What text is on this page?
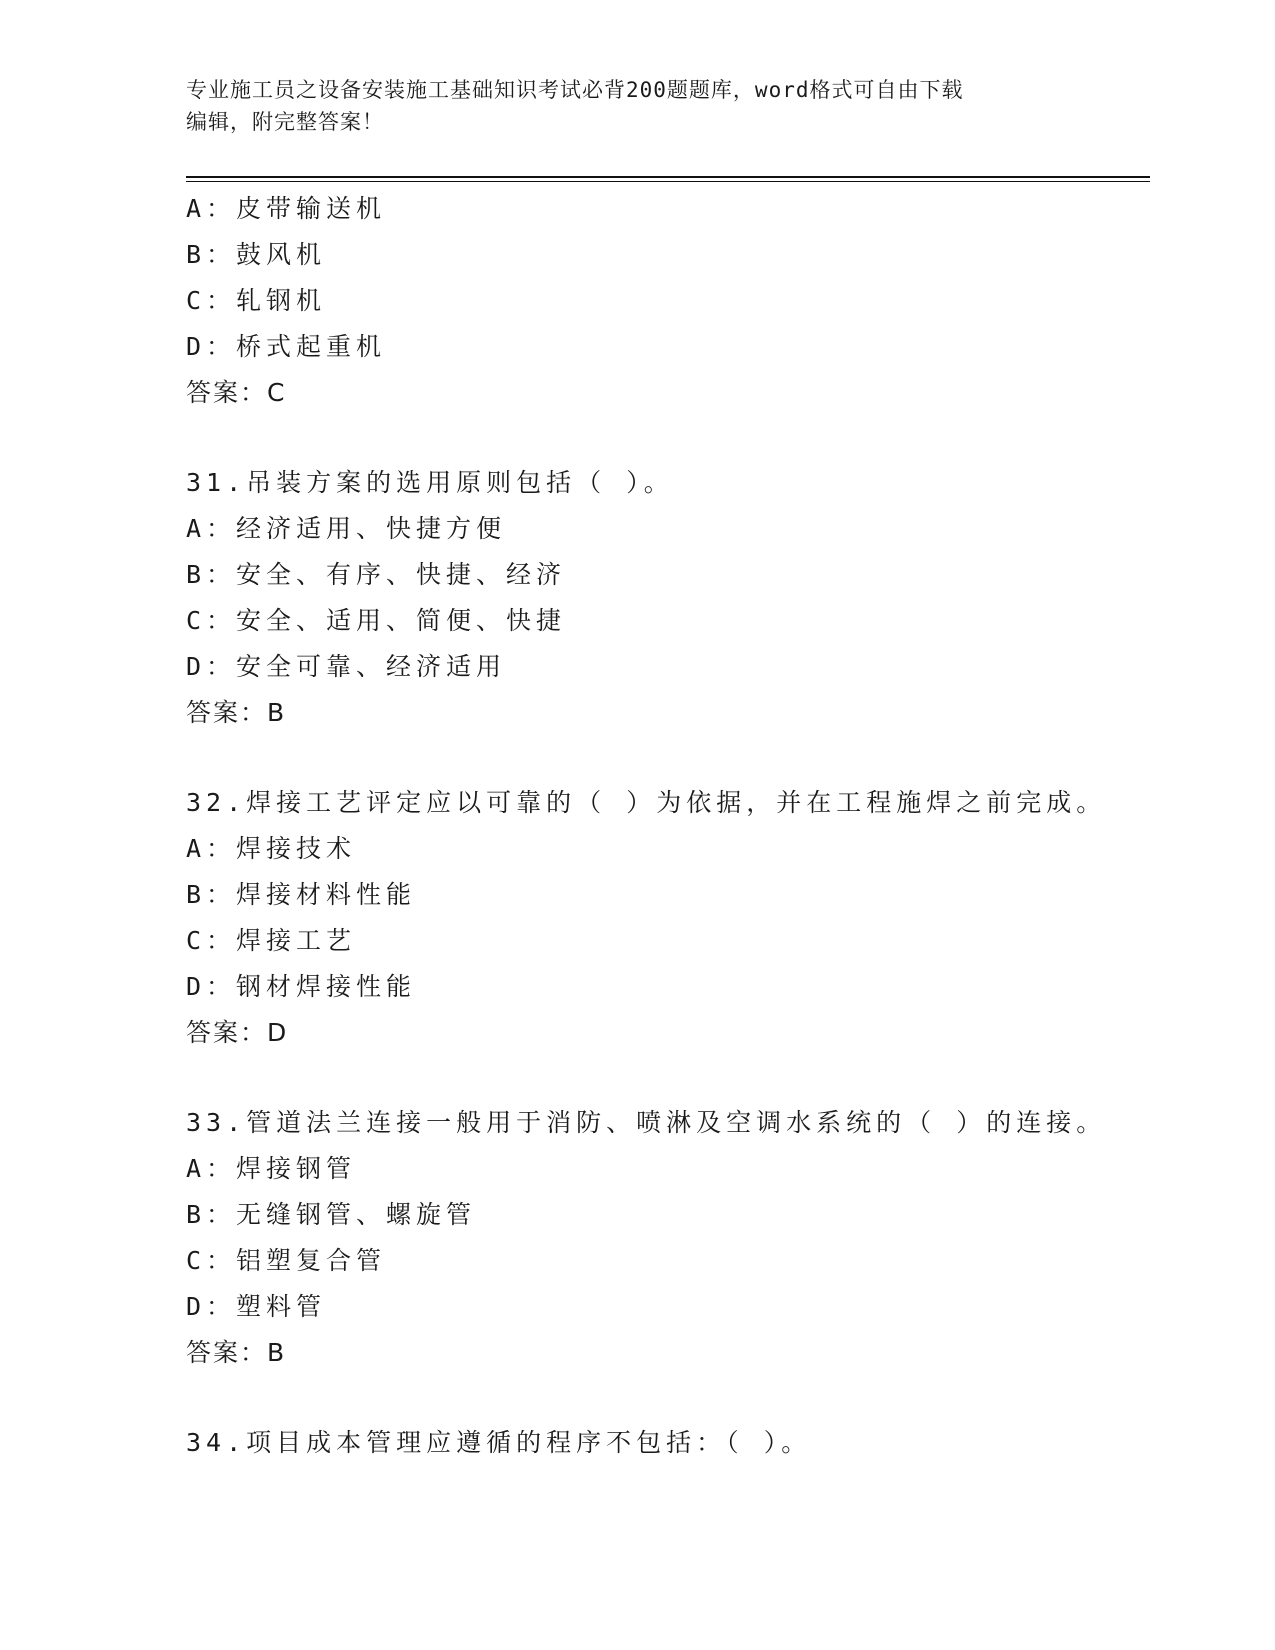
专业施工员之设备安装施工基础知识考试必背200题题库，word格式可自由下载
编辑，附完整答案！
A：皮带输送机
B：鼓风机
C：轧钢机
D：桥式起重机
答案：C
31.吊装方案的选用原则包括（ ）。
A：经济适用、快捷方便
B：安全、有序、快捷、经济
C：安全、适用、简便、快捷
D：安全可靠、经济适用
答案：B
32.焊接工艺评定应以可靠的（ ）为依据，并在工程施焊之前完成。
A：焊接技术
B：焊接材料性能
C：焊接工艺
D：钢材焊接性能
答案：D
33.管道法兰连接一般用于消防、喷淋及空调水系统的（ ）的连接。
A：焊接钢管
B：无缝钢管、螺旋管
C：铝塑复合管
D：塑料管
答案：B
34.项目成本管理应遵循的程序不包括：（ ）。
